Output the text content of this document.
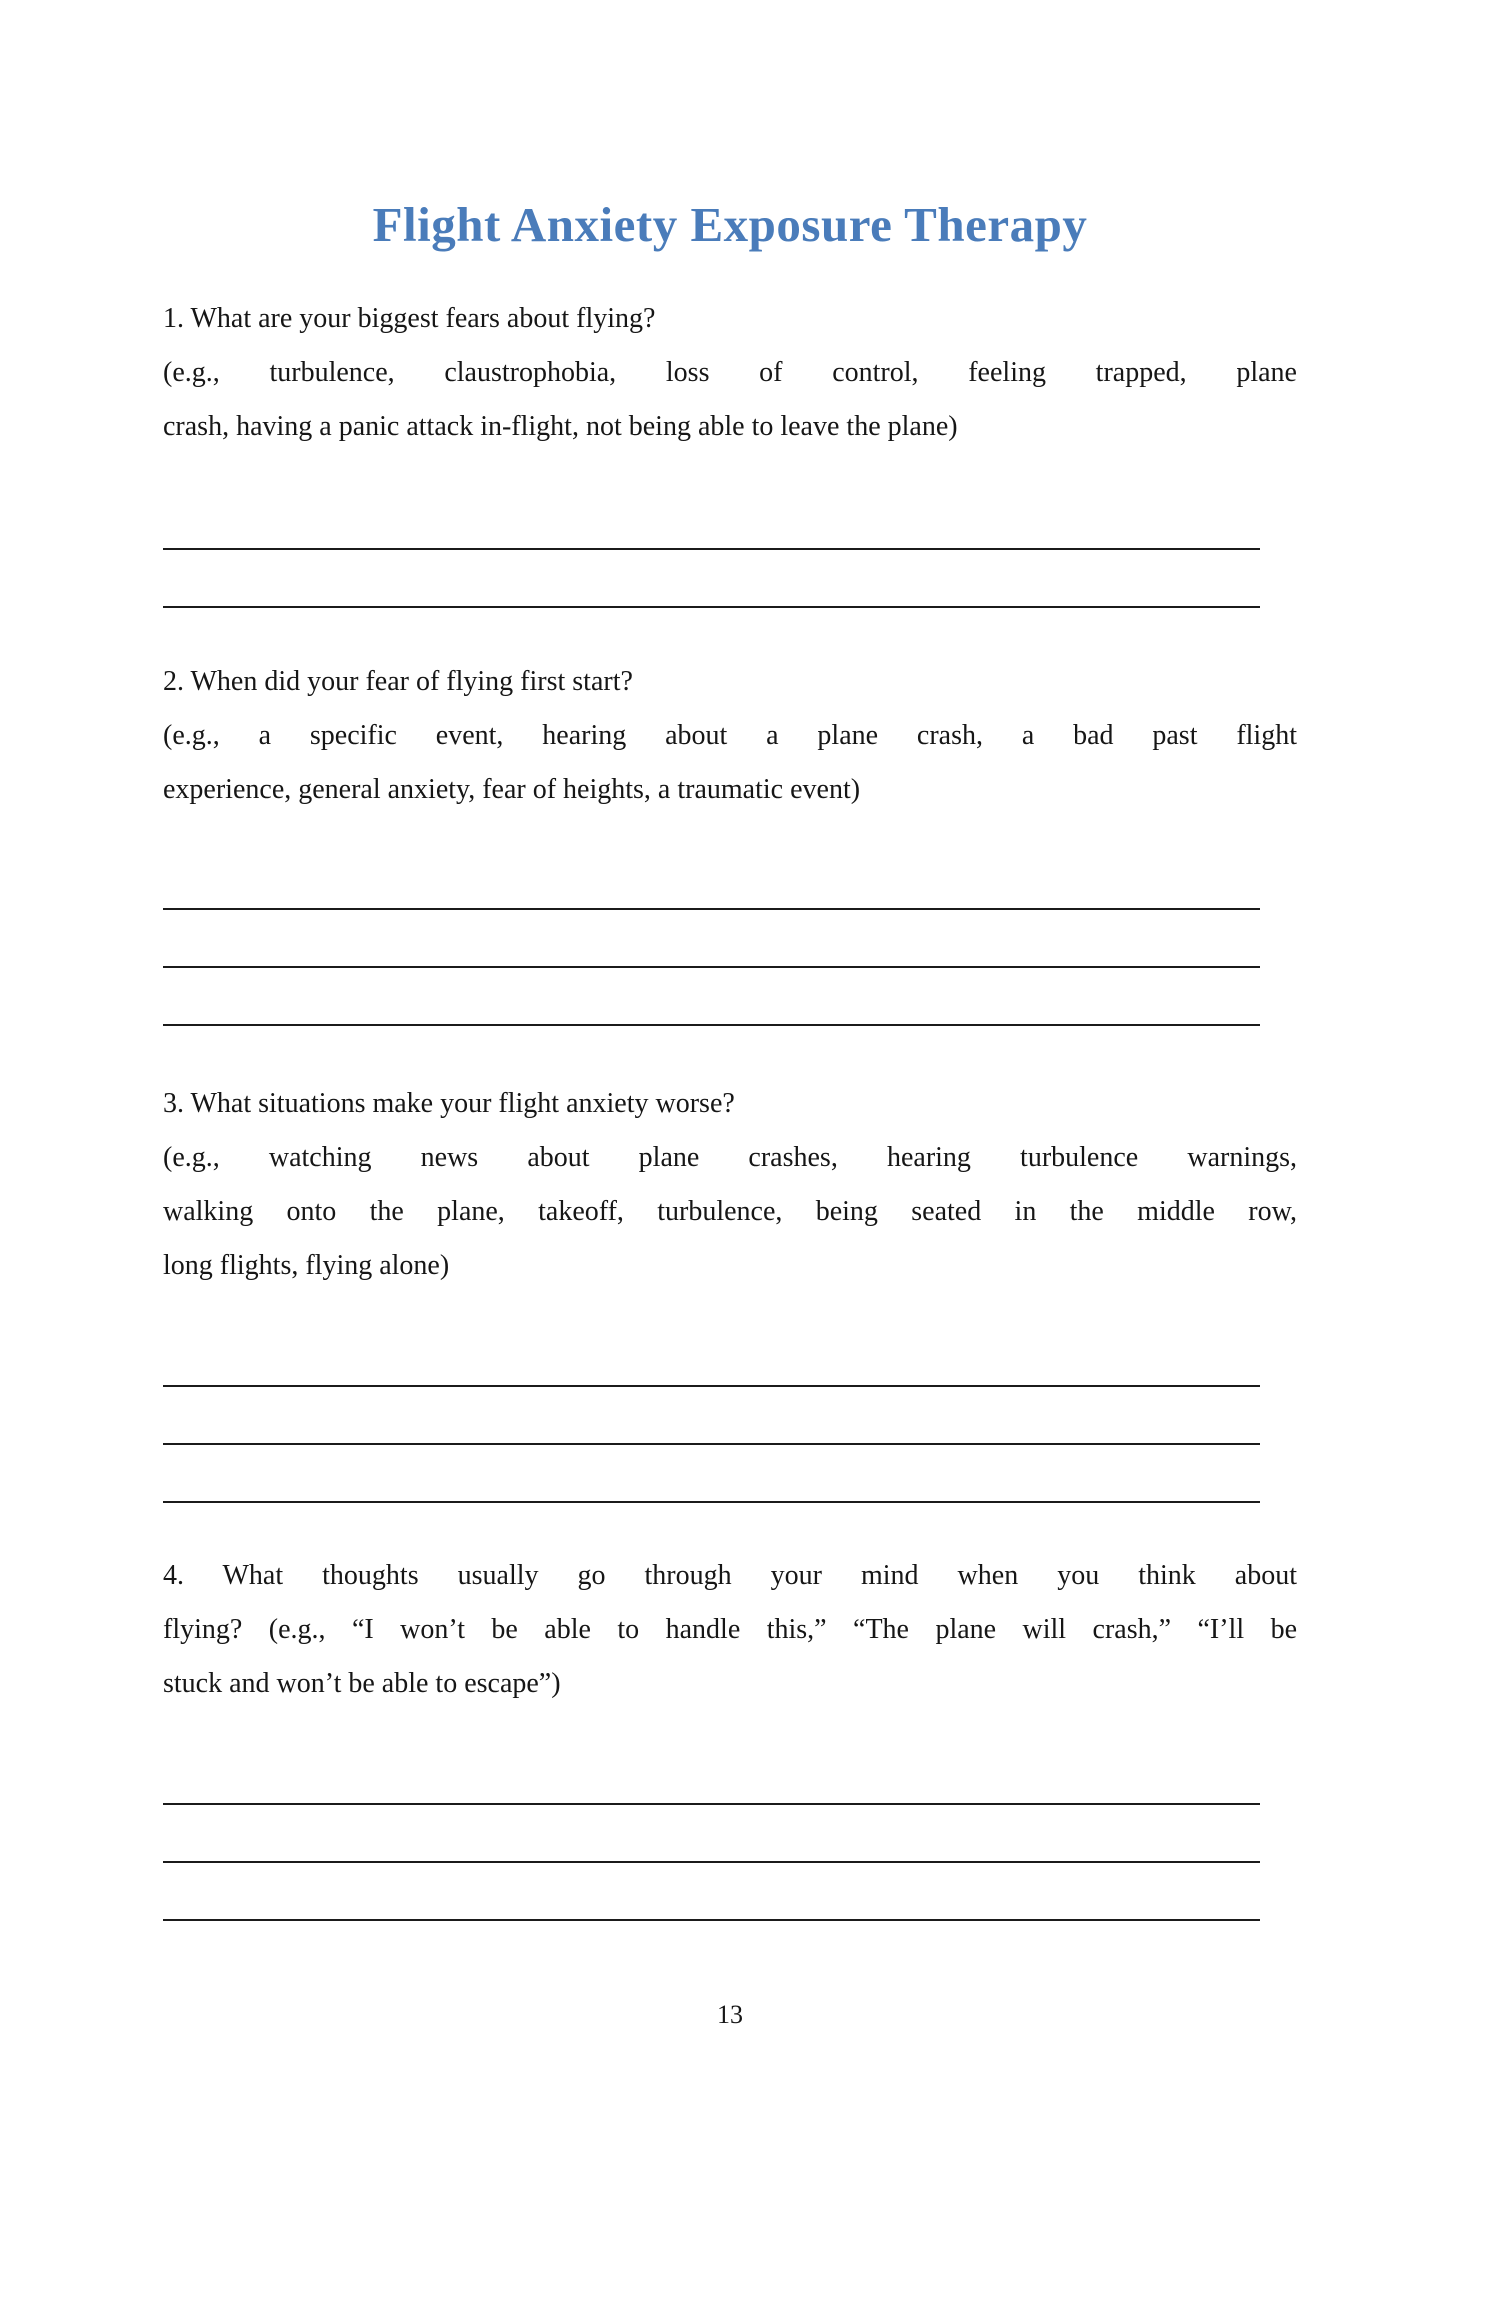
Flight Anxiety Exposure Therapy
1. What are your biggest fears about flying?
(e.g., turbulence, claustrophobia, loss of control, feeling trapped, plane
crash, having a panic attack in-flight, not being able to leave the plane)
2. When did your fear of flying first start?
(e.g., a specific event, hearing about a plane crash, a bad past flight
experience, general anxiety, fear of heights, a traumatic event)
3. What situations make your flight anxiety worse?
(e.g., watching news about plane crashes, hearing turbulence warnings,
walking onto the plane, takeoff, turbulence, being seated in the middle row,
long flights, flying alone)
4. What thoughts usually go through your mind when you think about
flying? (e.g., “I won’t be able to handle this,” “The plane will crash,” “I’ll be
stuck and won’t be able to escape”)
13
